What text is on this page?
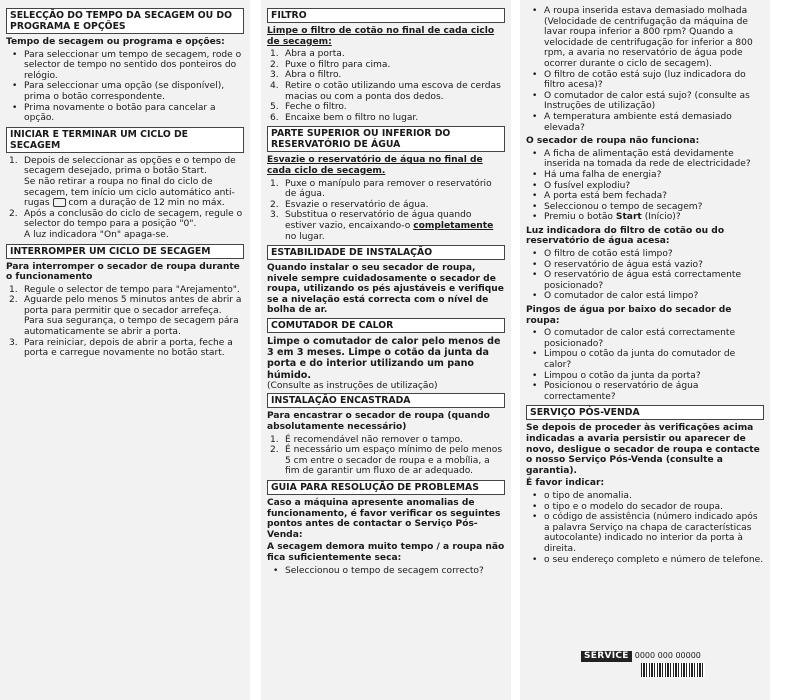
SELECÇÃO DO TEMPO DA SECAGEM OU DO PROGRAMA E OPÇÕES
Tempo de secagem ou programa e opções:
• Para seleccionar um tempo de secagem, rode o selector de tempo no sentido dos ponteiros do relógio.
• Para seleccionar uma opção (se disponível), prima o botão correspondente.
• Prima novamente o botão para cancelar a opção.
INICIAR E TERMINAR UM CICLO DE SECAGEM
1. Depois de seleccionar as opções e o tempo de secagem desejado, prima o botão Start.
Se não retirar a roupa no final do ciclo de secagem, tem início um ciclo automático anti-rugas com a duração de 12 min no máx.
2. Após a conclusão do ciclo de secagem, regule o selector do tempo para a posição "0".
A luz indicadora "On" apaga-se.
INTERROMPER UM CICLO DE SECAGEM
Para interromper o secador de roupa durante o funcionamento
1. Regule o selector de tempo para "Arejamento".
2. Aguarde pelo menos 5 minutos antes de abrir a porta para permitir que o secador arrefeça.
Para sua segurança, o tempo de secagem pára automaticamente se abrir a porta.
3. Para reiniciar, depois de abrir a porta, feche a porta e carregue novamente no botão start.
FILTRO
Limpe o filtro de cotão no final de cada ciclo de secagem:
1. Abra a porta.
2. Puxe o filtro para cima.
3. Abra o filtro.
4. Retire o cotão utilizando uma escova de cerdas macias ou com a ponta dos dedos.
5. Feche o filtro.
6. Encaixe bem o filtro no lugar.
PARTE SUPERIOR OU INFERIOR DO RESERVATÓRIO DE ÁGUA
Esvazie o reservatório de água no final de cada ciclo de secagem.
1. Puxe o manípulo para remover o reservatório de água.
2. Esvazie o reservatório de água.
3. Substitua o reservatório de água quando estiver vazio, encaixando-o completamente no lugar.
ESTABILIDADE DE INSTALAÇÃO

Quando instalar o seu secador de roupa, nivele sempre cuidadosamente o secador de roupa, utilizando os pés ajustáveis e verifique se a nivelação está correcta com o nível de bolha de ar.

COMUTADOR DE CALOR

Limpe o comutador de calor pelo menos de 3 em 3 meses. Limpe o cotão da junta da porta e do interior utilizando um pano húmido.

(Consulte as instruções de utilização)

INSTALAÇÃO ENCASTRADA
Para encastrar o secador de roupa (quando absolutamente necessário)
1. É recomendável não remover o tampo.
2. É necessário um espaço mínimo de pelo menos 5 cm entre o secador de roupa e a mobília, a fim de garantir um fluxo de ar adequado.
GUIA PARA RESOLUÇÃO DE PROBLEMAS
Caso a máquina apresente anomalias de funcionamento, é favor verificar os seguintes pontos antes de contactar o Serviço Pós-Venda:
A secagem demora muito tempo / a roupa não fica suficientemente seca:
• Seleccionou o tempo de secagem correcto?
• A roupa inserida estava demasiado molhada (Velocidade de centrifugação da máquina de lavar roupa inferior a 800 rpm? Quando a velocidade de centrifugação for inferior a 800 rpm, a avaria no reservatório de água pode ocorrer durante o ciclo de secagem).
• O filtro de cotão está sujo (luz indicadora do filtro acesa)?
• O comutador de calor está sujo? (consulte as Instruções de utilização)
• A temperatura ambiente está demasiado elevada?
O secador de roupa não funciona:
• A ficha de alimentação está devidamente inserida na tomada da rede de electricidade?
• Há uma falha de energia?
• O fusível explodiu?
• A porta está bem fechada?
• Seleccionou o tempo de secagem?
• Premiu o botão Start (Início)?
Luz indicadora do filtro de cotão ou do reservatório de água acesa:
• O filtro de cotão está limpo?
• O reservatório de água está vazio?
• O reservatório de água está correctamente posicionado?
• O comutador de calor está limpo?
Pingos de água por baixo do secador de roupa:
• O comutador de calor está correctamente posicionado?
• Limpou o cotão da junta do comutador de calor?
• Limpou o cotão da junta da porta?
• Posicionou o reservatório de água correctamente?
SERVIÇO PÓS-VENDA
Se depois de proceder às verificações acima indicadas a avaria persistir ou aparecer de novo, desligue o secador de roupa e contacte o nosso Serviço Pós-Venda (consulte a garantia).
É favor indicar:
• o tipo de anomalia.
• o tipo e o modelo do secador de roupa.
• o código de assistência (número indicado após a palavra Serviço na chapa de características autocolante) indicado no interior da porta à direita.
• o seu endereço completo e número de telefone.
SERVICE 0000 000 00000
